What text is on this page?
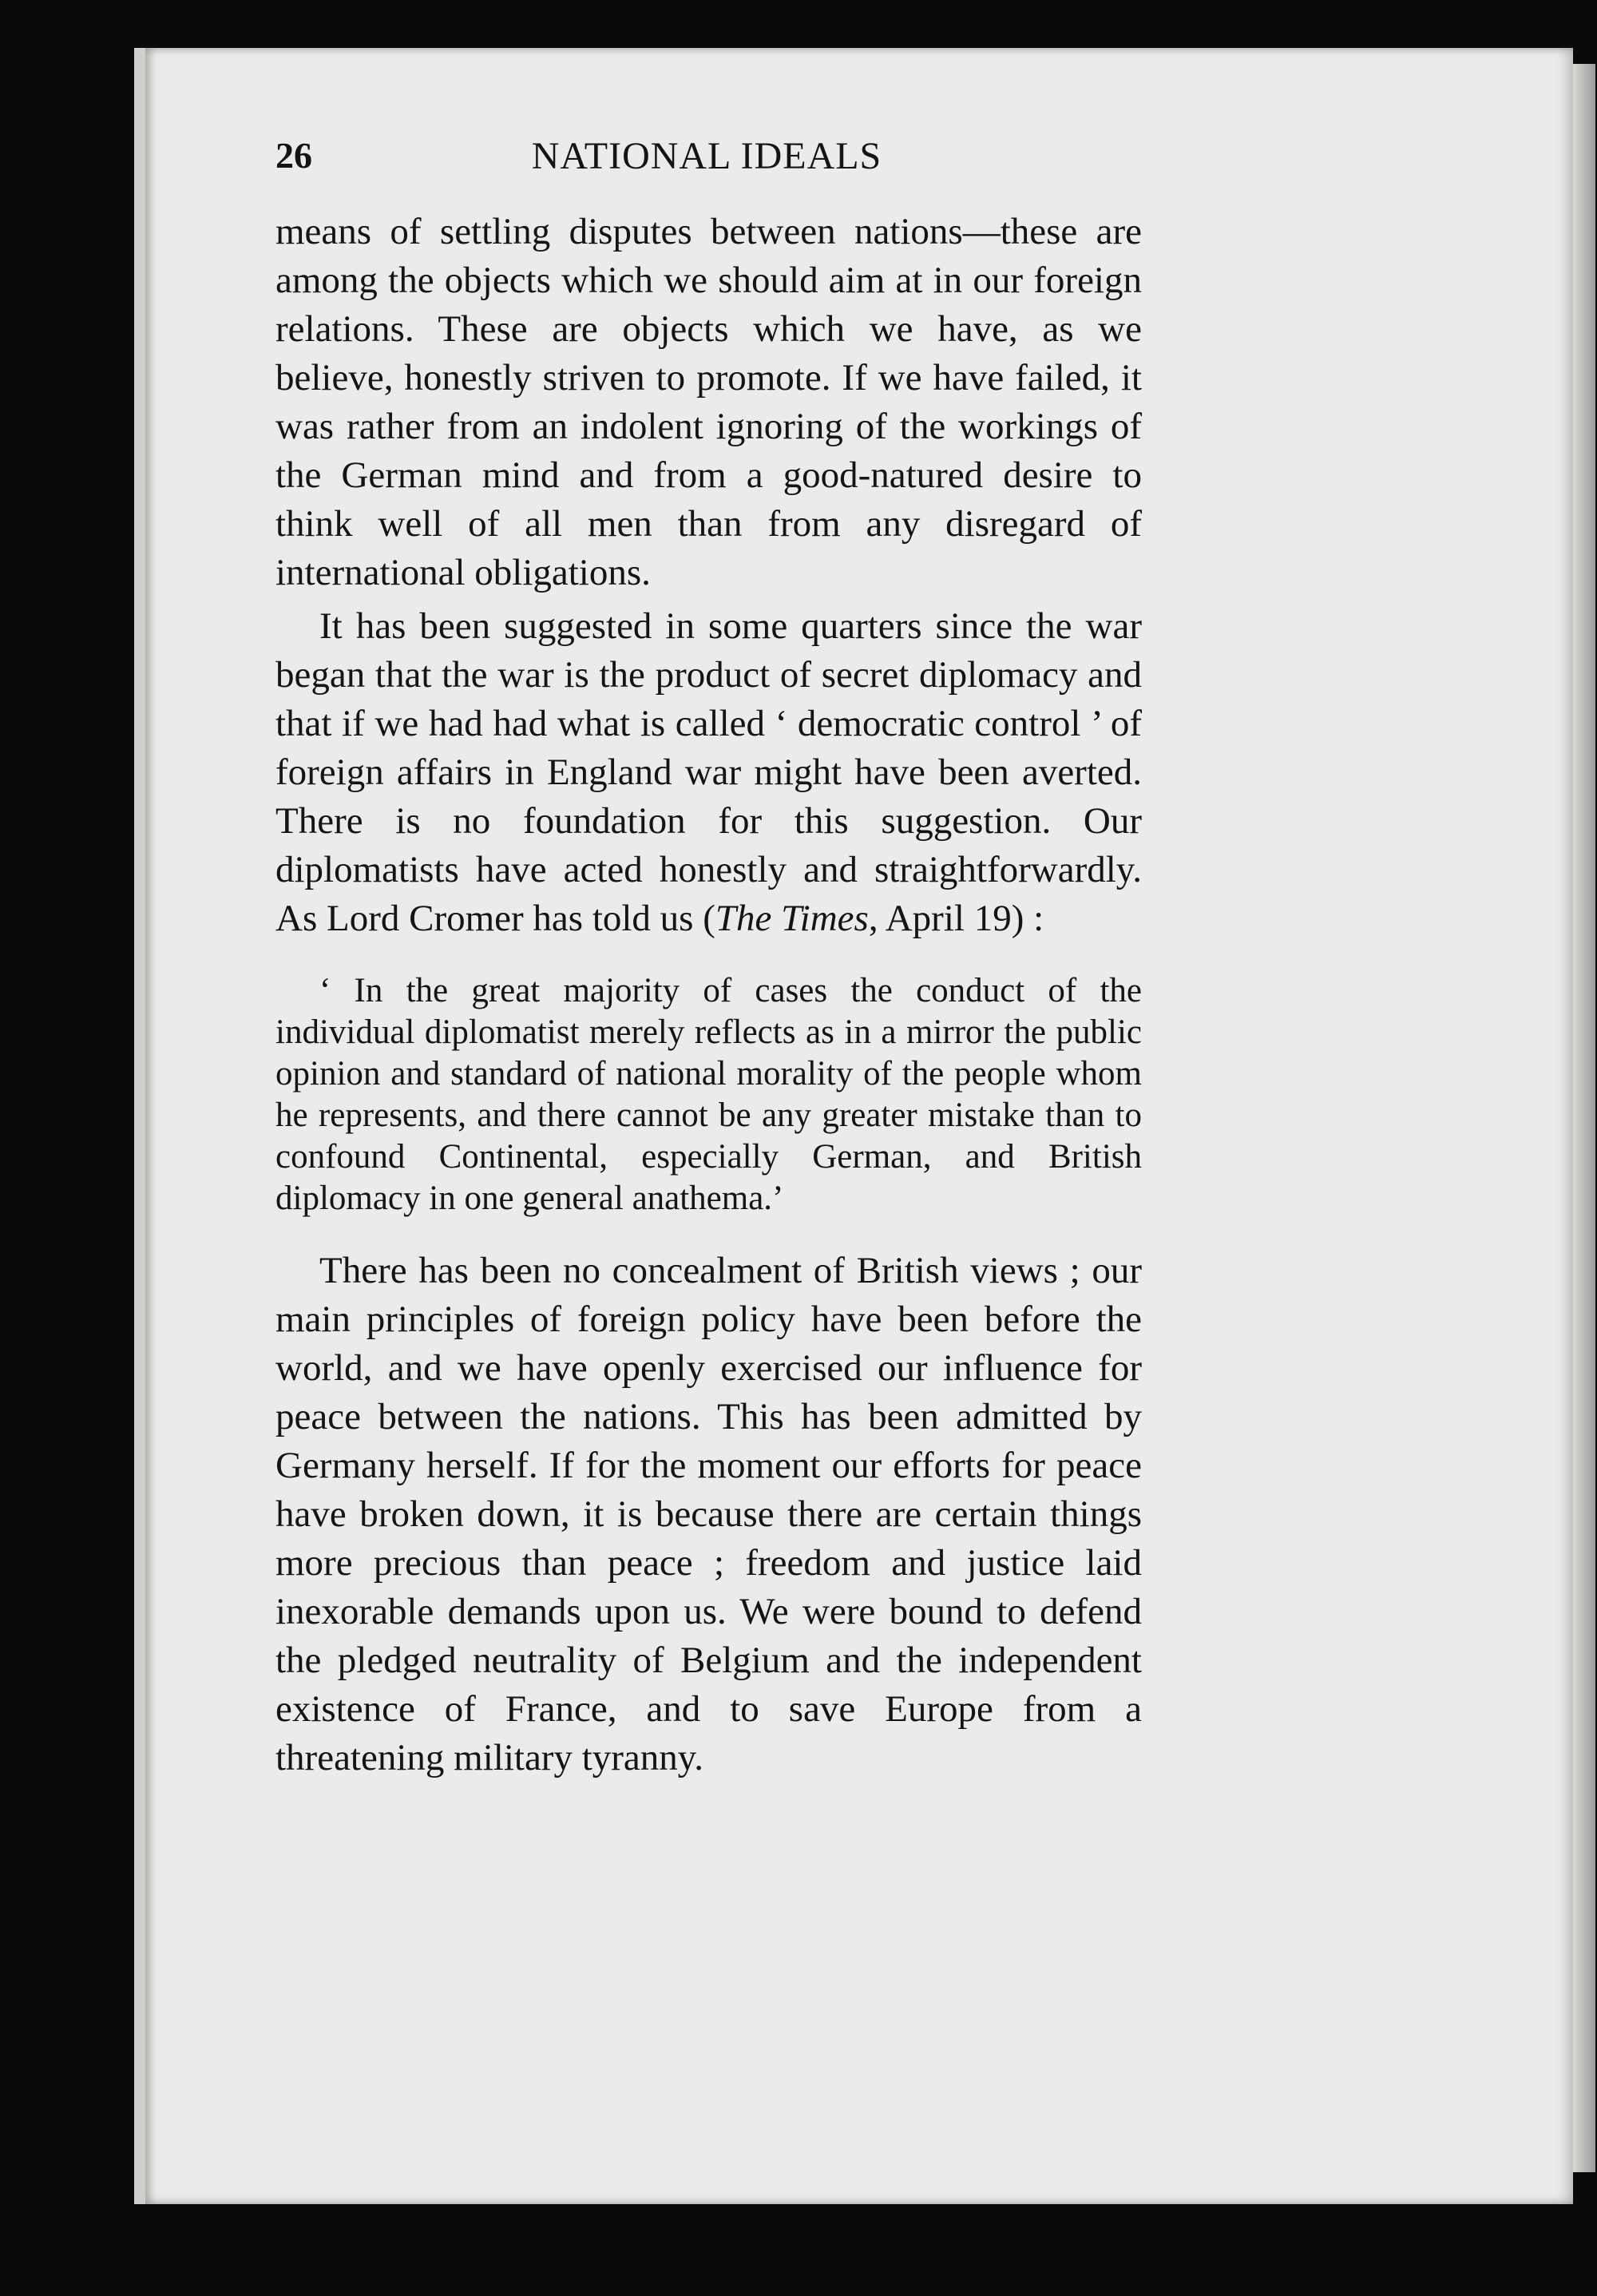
26	NATIONAL IDEALS

means of settling disputes between nations—these are among the objects which we should aim at in our foreign relations. These are objects which we have, as we believe, honestly striven to promote. If we have failed, it was rather from an indolent ignoring of the workings of the German mind and from a good-natured desire to think well of all men than from any disregard of international obligations.

It has been suggested in some quarters since the war began that the war is the product of secret diplomacy and that if we had had what is called ‘ democratic control ’ of foreign affairs in England war might have been averted. There is no foundation for this suggestion. Our diplomatists have acted honestly and straightforwardly. As Lord Cromer has told us (The Times, April 19) :

‘ In the great majority of cases the conduct of the individual diplomatist merely reflects as in a mirror the public opinion and standard of national morality of the people whom he represents, and there cannot be any greater mistake than to confound Continental, especially German, and British diplomacy in one general anathema.’

There has been no concealment of British views ; our main principles of foreign policy have been before the world, and we have openly exercised our influence for peace between the nations. This has been admitted by Germany herself. If for the moment our efforts for peace have broken down, it is because there are certain things more precious than peace ; freedom and justice laid inexorable demands upon us. We were bound to defend the pledged neutrality of Belgium and the independent existence of France, and to save Europe from a threatening military tyranny.
